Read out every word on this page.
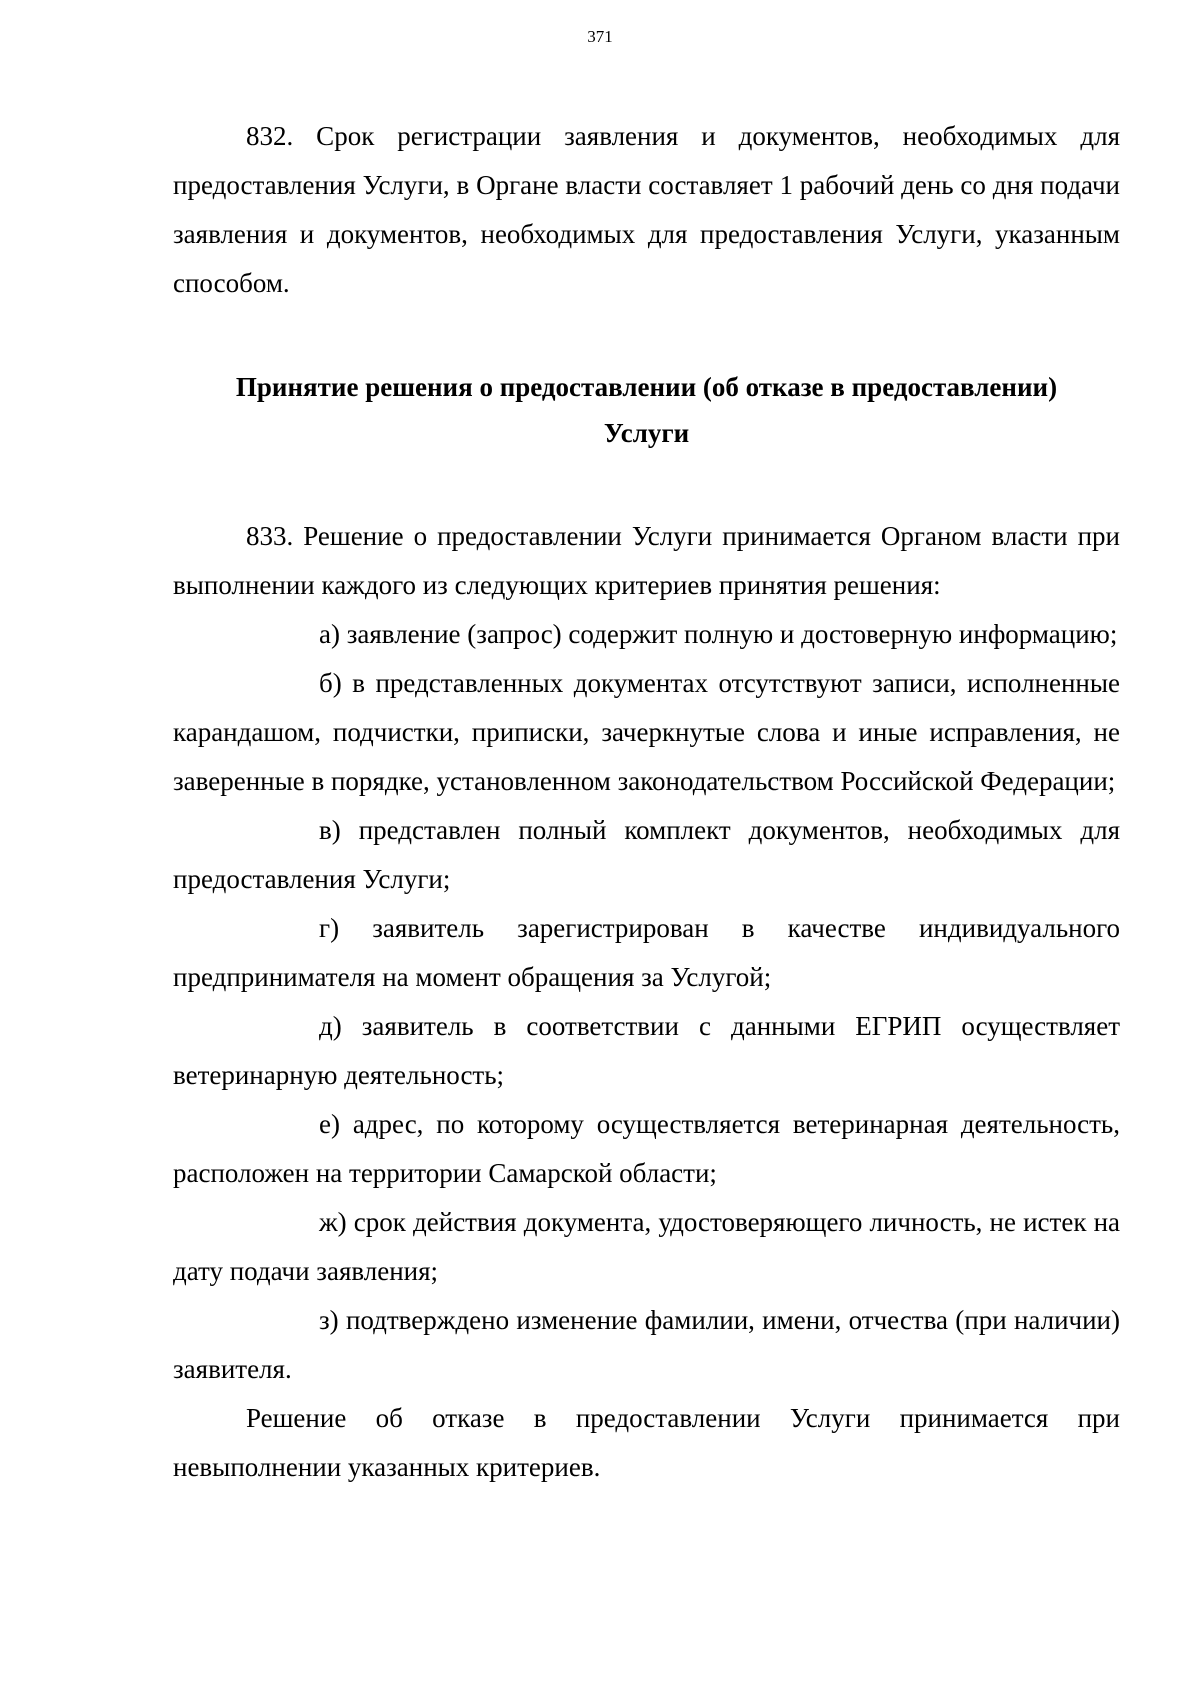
371

832. Срок регистрации заявления и документов, необходимых для предоставления Услуги, в Органе власти составляет 1 рабочий день со дня подачи заявления и документов, необходимых для предоставления Услуги, указанным способом.

Принятие решения о предоставлении (об отказе в предоставлении)
Услуги

833. Решение о предоставлении Услуги принимается Органом власти при выполнении каждого из следующих критериев принятия решения:

а) заявление (запрос) содержит полную и достоверную информацию;

б) в представленных документах отсутствуют записи, исполненные карандашом, подчистки, приписки, зачеркнутые слова и иные исправления, не заверенные в порядке, установленном законодательством Российской Федерации;

в) представлен полный комплект документов, необходимых для предоставления Услуги;

г) заявитель зарегистрирован в качестве индивидуального предпринимателя на момент обращения за Услугой;

д) заявитель в соответствии с данными ЕГРИП осуществляет ветеринарную деятельность;

е) адрес, по которому осуществляется ветеринарная деятельность, расположен на территории Самарской области;

ж) срок действия документа, удостоверяющего личность, не истек на дату подачи заявления;

з) подтверждено изменение фамилии, имени, отчества (при наличии) заявителя.

Решение об отказе в предоставлении Услуги принимается при невыполнении указанных критериев.
